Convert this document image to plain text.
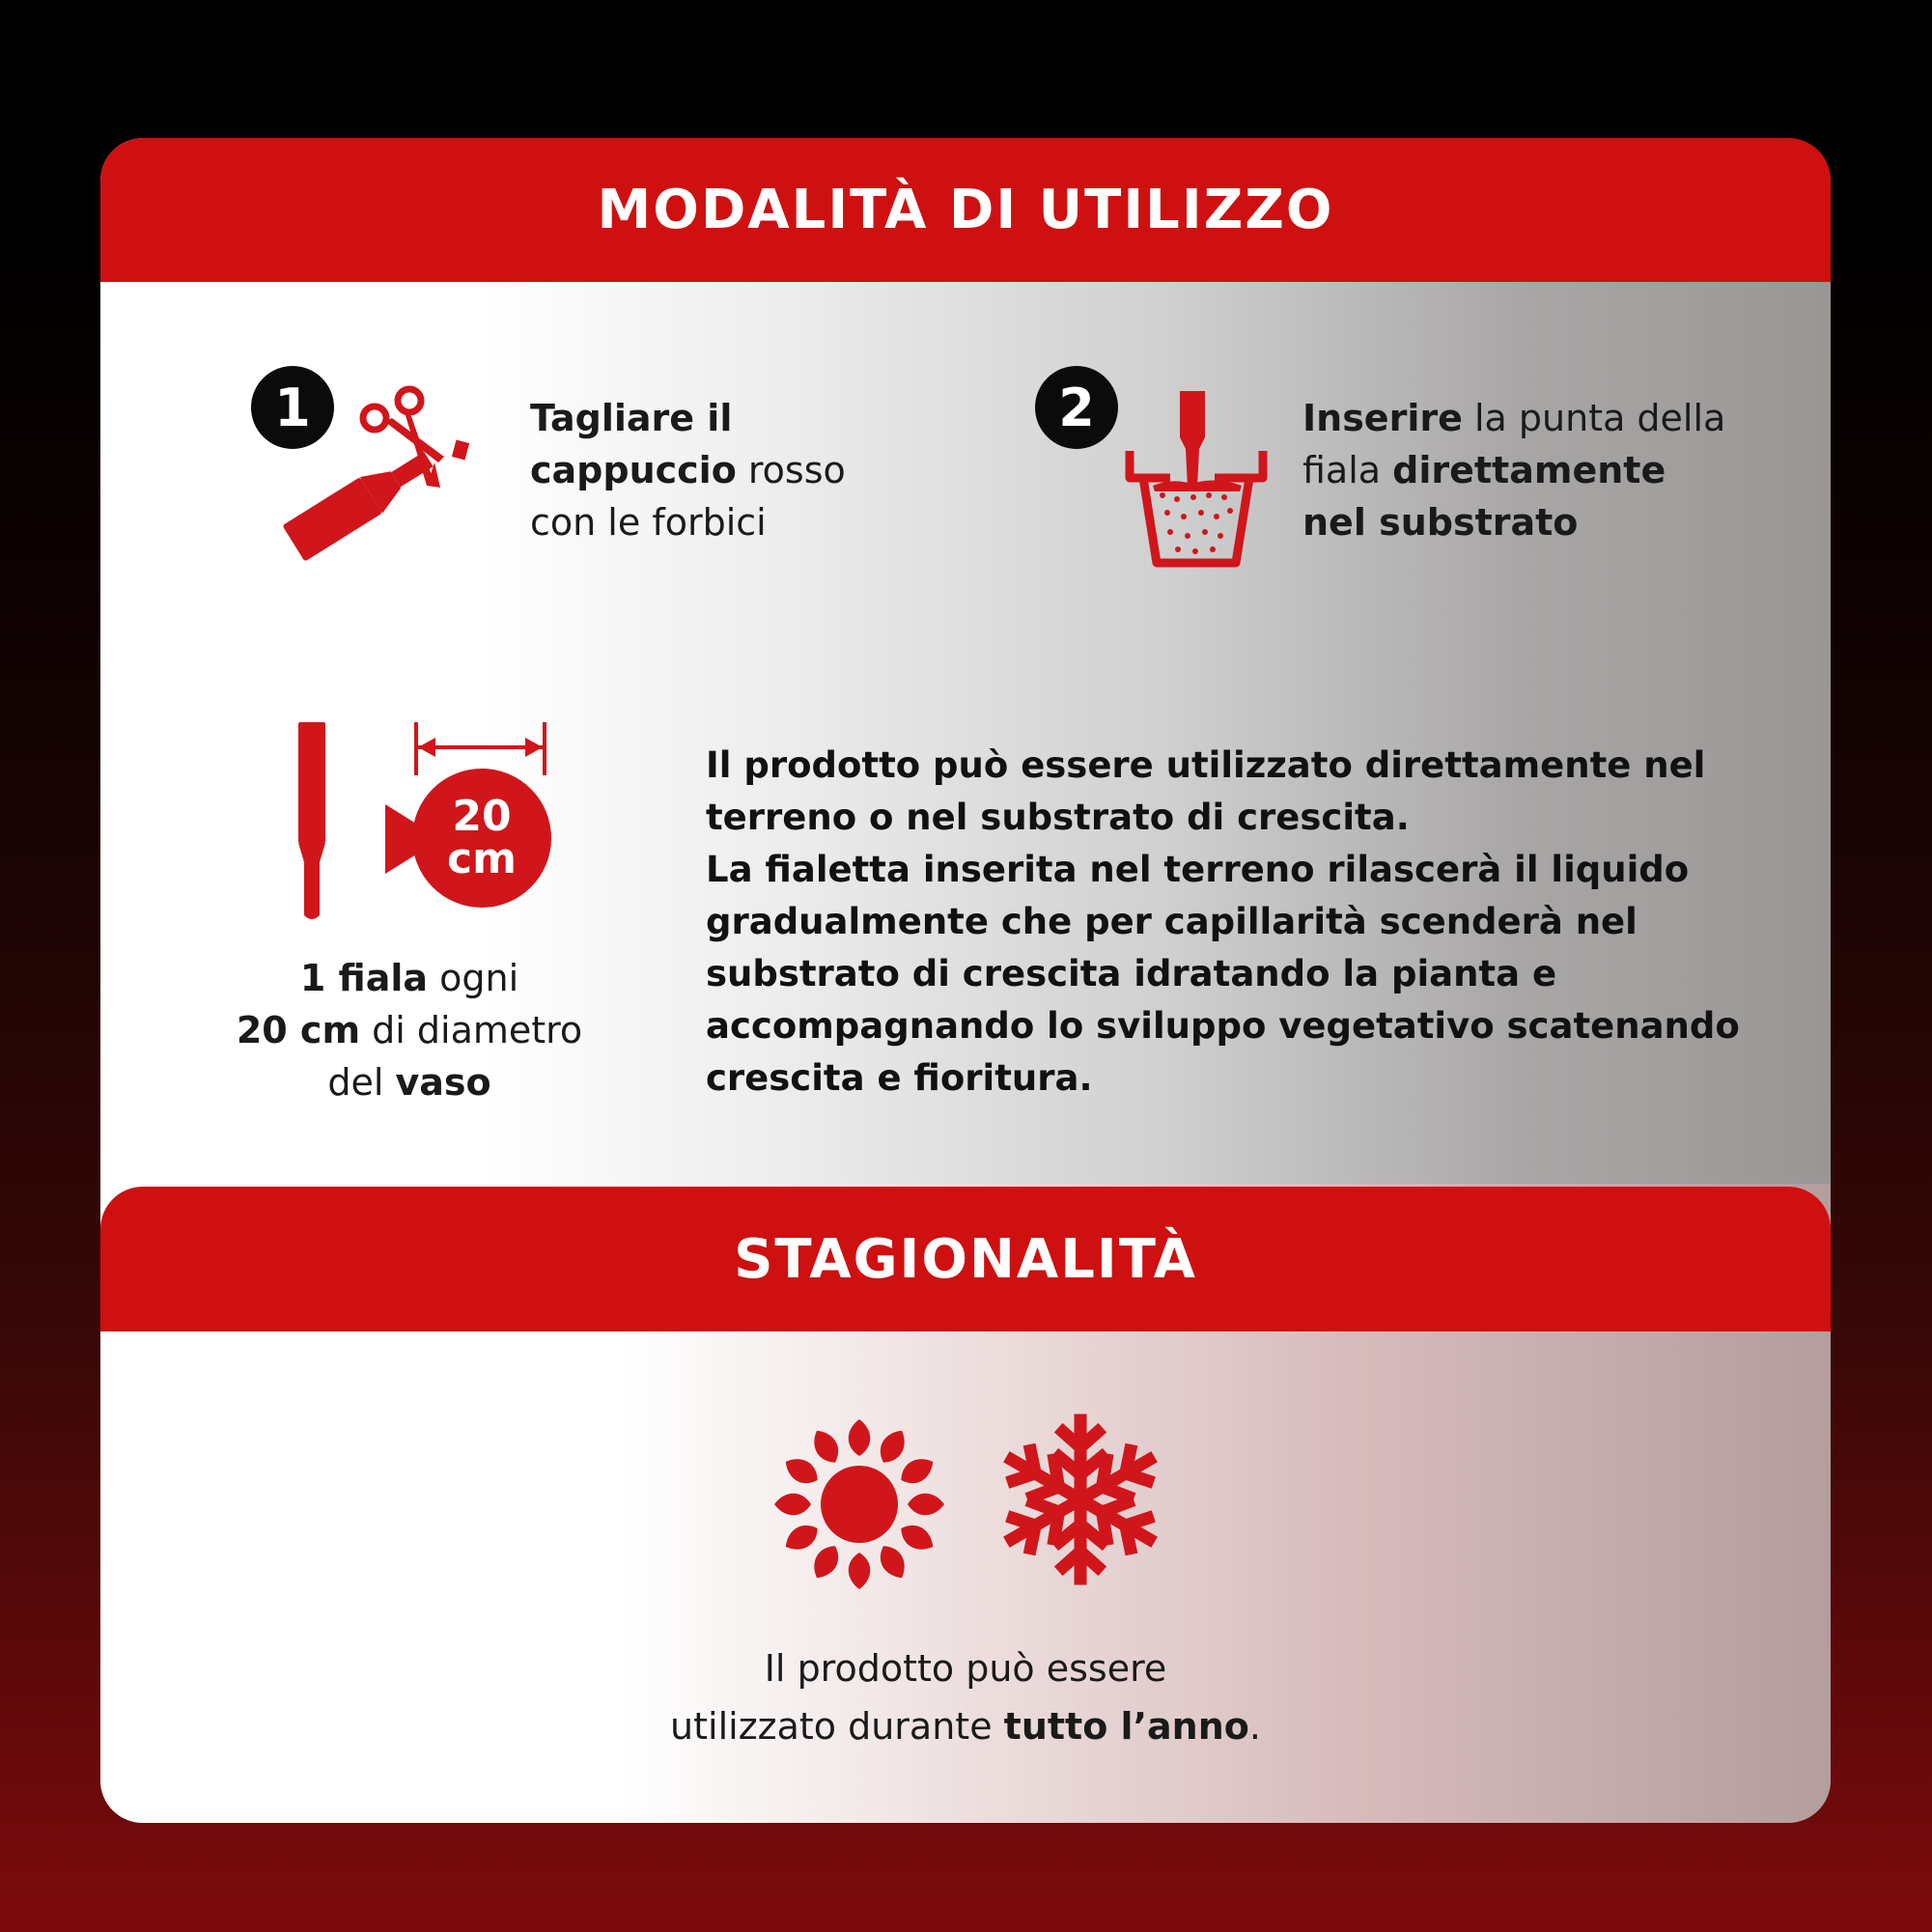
MODALITÀ DI UTILIZZO
1	Tagliare il
cappuccio rosso
con le forbici
2	Inserire la punta della
fiala direttamente
nel substrato
20
cm
1 fiala ogni
20 cm di diametro
del vaso
Il prodotto può essere utilizzato direttamente nel
terreno o nel substrato di crescita.
La fialetta inserita nel terreno rilascerà il liquido
gradualmente che per capillarità scenderà nel
substrato di crescita idratando la pianta e
accompagnando lo sviluppo vegetativo scatenando
crescita e fioritura.
STAGIONALITÀ
Il prodotto può essere
utilizzato durante tutto l’anno.
